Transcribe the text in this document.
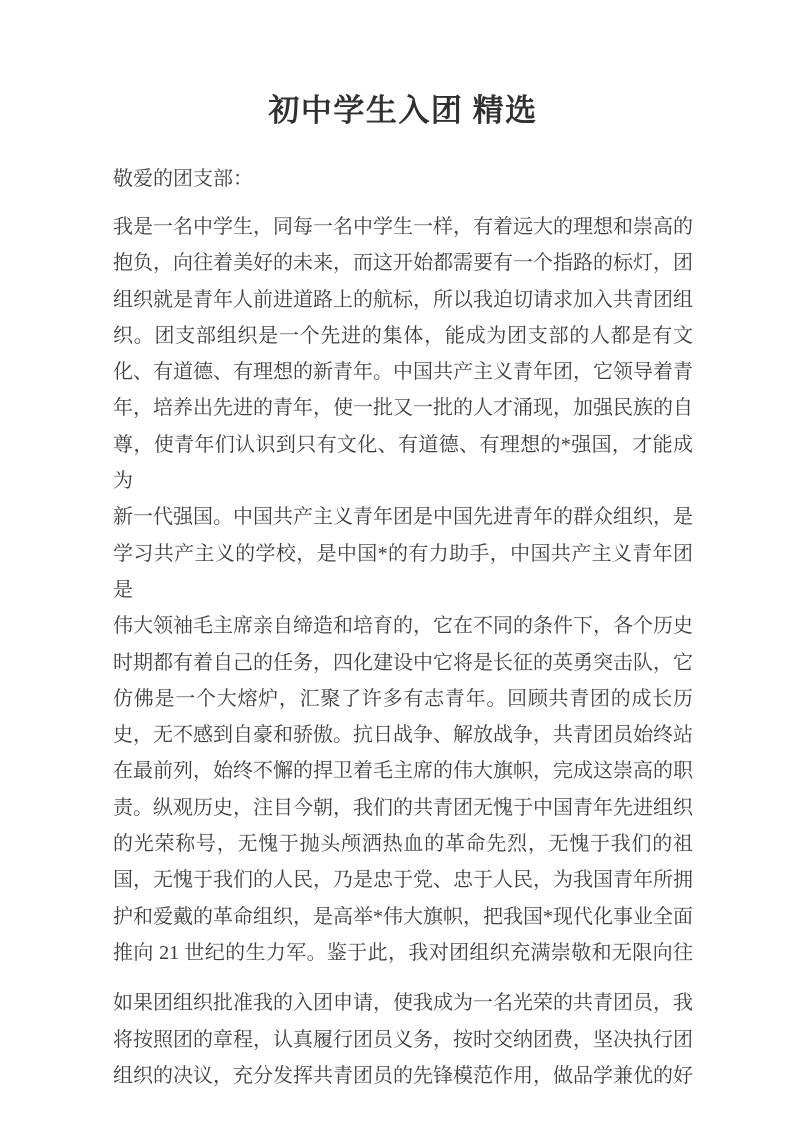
初中学生入团 精选
敬爱的团支部：
我是一名中学生，同每一名中学生一样，有着远大的理想和崇高的
抱负，向往着美好的未来，而这开始都需要有一个指路的标灯，团
组织就是青年人前进道路上的航标，所以我迫切请求加入共青团组
织。团支部组织是一个先进的集体，能成为团支部的人都是有文
化、有道德、有理想的新青年。中国共产主义青年团，它领导着青
年，培养出先进的青年，使一批又一批的人才涌现，加强民族的自
尊，使青年们认识到只有文化、有道德、有理想的*强国，才能成为
新一代强国。中国共产主义青年团是中国先进青年的群众组织，是
学习共产主义的学校，是中国*的有力助手，中国共产主义青年团是
伟大领袖毛主席亲自缔造和培育的，它在不同的条件下，各个历史
时期都有着自己的任务，四化建设中它将是长征的英勇突击队，它
仿佛是一个大熔炉，汇聚了许多有志青年。回顾共青团的成长历
史，无不感到自豪和骄傲。抗日战争、解放战争，共青团员始终站
在最前列，始终不懈的捍卫着毛主席的伟大旗帜，完成这崇高的职
责。纵观历史，注目今朝，我们的共青团无愧于中国青年先进组织
的光荣称号，无愧于抛头颅洒热血的革命先烈，无愧于我们的祖
国，无愧于我们的人民，乃是忠于党、忠于人民，为我国青年所拥
护和爱戴的革命组织，是高举*伟大旗帜，把我国*现代化事业全面
推向 21 世纪的生力军。鉴于此，我对团组织充满崇敬和无限向往
如果团组织批准我的入团申请，使我成为一名光荣的共青团员，我
将按照团的章程，认真履行团员义务，按时交纳团费，坚决执行团
组织的决议，充分发挥共青团员的先锋模范作用，做品学兼优的好
